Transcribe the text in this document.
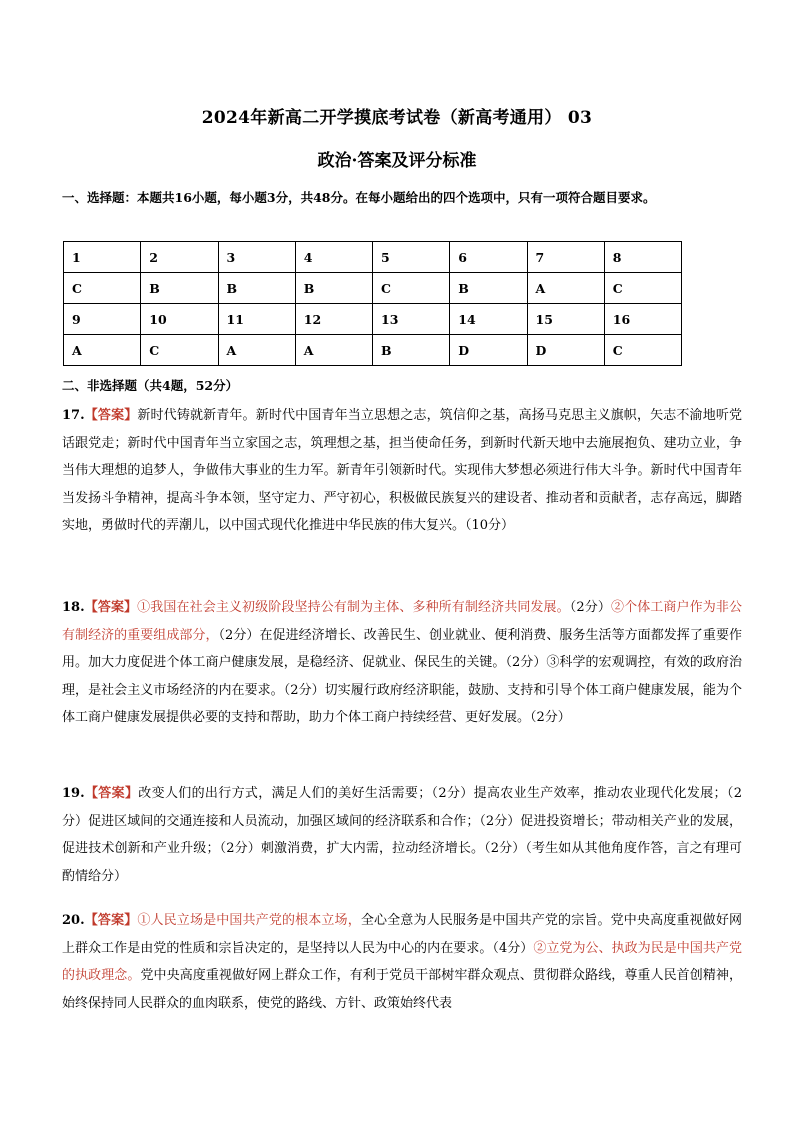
2024年新高二开学摸底考试卷（新高考通用） 03
政治·答案及评分标准
一、选择题：本题共16小题，每小题3分，共48分。在每小题给出的四个选项中，只有一项符合题目要求。
1	2	3	4	5	6	7	8
C	B	B	B	C	B	A	C
9	10	11	12	13	14	15	16
A	C	A	A	B	D	D	C
二、非选择题（共4题，52分）
17.【答案】新时代铸就新青年。新时代中国青年当立思想之志，筑信仰之基，高扬马克思主义旗帜，矢志不渝地听党话跟党走；新时代中国青年当立家国之志，筑理想之基，担当使命任务，到新时代新天地中去施展抱负、建功立业，争当伟大理想的追梦人，争做伟大事业的生力军。新青年引领新时代。实现伟大梦想必须进行伟大斗争。新时代中国青年当发扬斗争精神，提高斗争本领，坚守定力、严守初心，积极做民族复兴的建设者、推动者和贡献者，志存高远，脚踏实地，勇做时代的弄潮儿，以中国式现代化推进中华民族的伟大复兴。（10分）
18.【答案】①我国在社会主义初级阶段坚持公有制为主体、多种所有制经济共同发展。（2分）②个体工商户作为非公有制经济的重要组成部分，（2分）在促进经济增长、改善民生、创业就业、便利消费、服务生活等方面都发挥了重要作用。加大力度促进个体工商户健康发展，是稳经济、促就业、保民生的关键。（2分）③科学的宏观调控，有效的政府治理，是社会主义市场经济的内在要求。（2分）切实履行政府经济职能，鼓励、支持和引导个体工商户健康发展，能为个体工商户健康发展提供必要的支持和帮助，助力个体工商户持续经营、更好发展。（2分）
19.【答案】改变人们的出行方式，满足人们的美好生活需要；（2分）提高农业生产效率，推动农业现代化发展；（2分）促进区域间的交通连接和人员流动，加强区域间的经济联系和合作；（2分）促进投资增长；带动相关产业的发展，促进技术创新和产业升级；（2分）刺激消费，扩大内需，拉动经济增长。（2分）（考生如从其他角度作答，言之有理可酌情给分）
20.【答案】①人民立场是中国共产党的根本立场，全心全意为人民服务是中国共产党的宗旨。党中央高度重视做好网上群众工作是由党的性质和宗旨决定的，是坚持以人民为中心的内在要求。（4分）②立党为公、执政为民是中国共产党的执政理念。党中央高度重视做好网上群众工作，有利于党员干部树牢群众观点、贯彻群众路线，尊重人民首创精神，始终保持同人民群众的血肉联系，使党的路线、方针、政策始终代表
